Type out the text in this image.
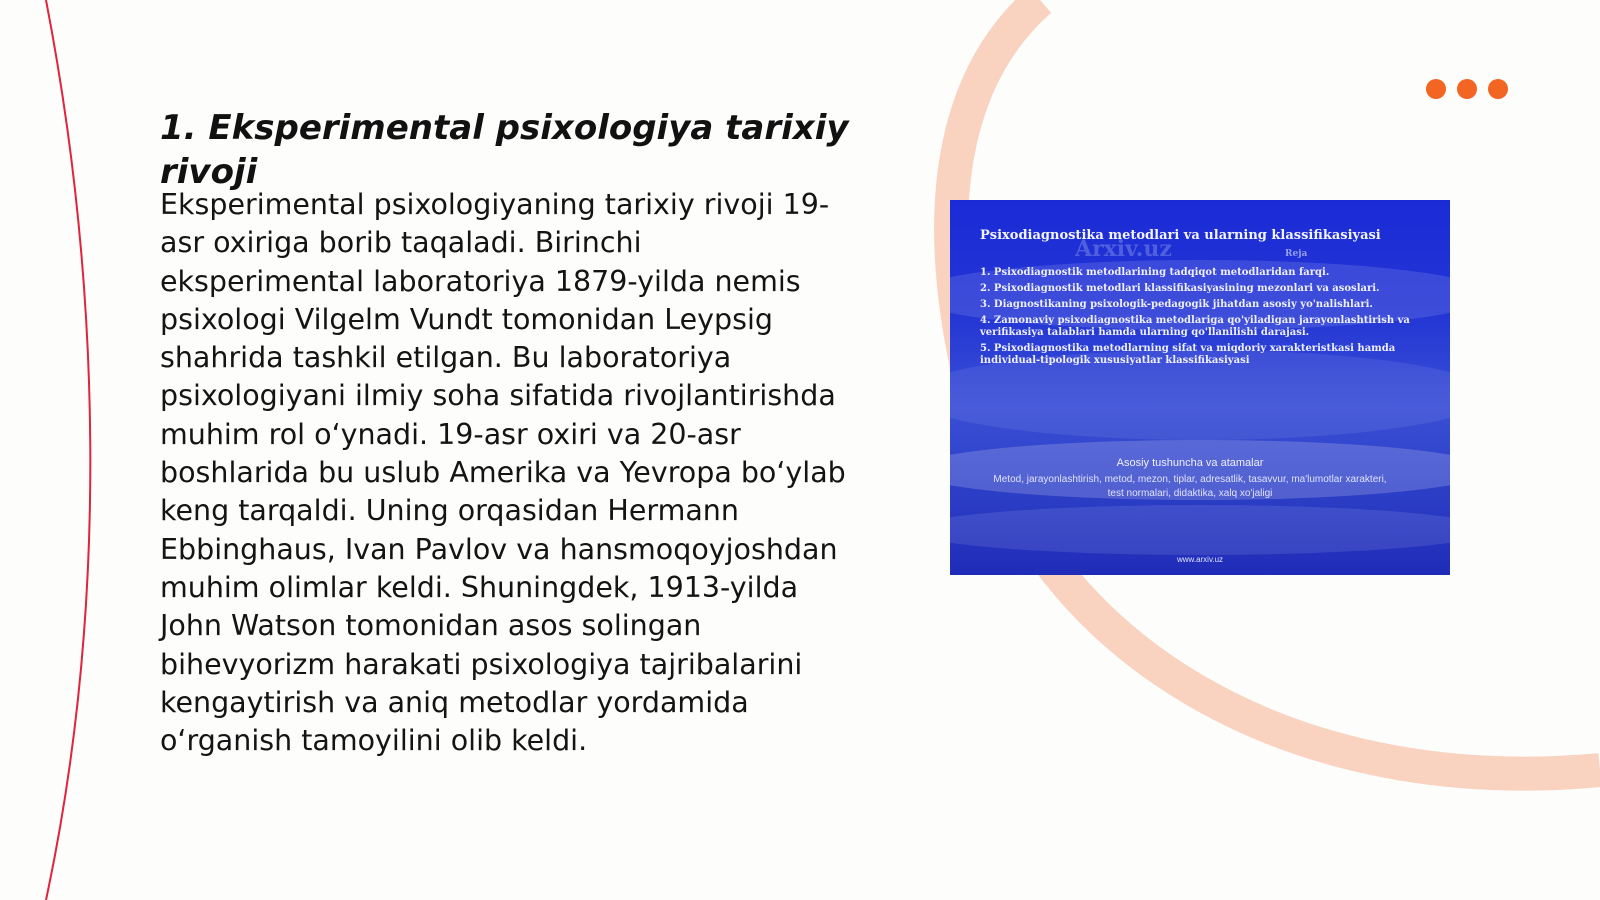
1. Eksperimental psixologiya tarixiy rivoji

Eksperimental psixologiyaning tarixiy rivoji 19-asr oxiriga borib taqaladi. Birinchi eksperimental laboratoriya 1879-yilda nemis psixologi Vilgelm Vundt tomonidan Leypsig shahrida tashkil etilgan. Bu laboratoriya psixologiyani ilmiy soha sifatida rivojlantirishda muhim rol o‘ynadi. 19-asr oxiri va 20-asr boshlarida bu uslub Amerika va Yevropa bo‘ylab keng tarqaldi. Uning orqasidan Hermann Ebbinghaus, Ivan Pavlov va hansmoqoyjoshdan muhim olimlar keldi. Shuningdek, 1913-yilda John Watson tomonidan asos solingan bihevyorizm harakati psixologiya tajribalarini kengaytirish va aniq metodlar yordamida o‘rganish tamoyilini olib keldi.

Arxiv.uz	Reja
Psixodiagnostika metodlari va ularning klassifikasiyasi
1. Psixodiagnostik metodlarining tadqiqot metodlaridan farqi.
2. Psixodiagnostik metodlari klassifikasiyasining mezonlari va asoslari.
3. Diagnostikaning psixologik-pedagogik jihatdan asosiy yo'nalishlari.
4. Zamonaviy psixodiagnostika metodlariga qo'yiladigan jarayonlashtirish va verifikasiya talablari hamda ularning qo'llanilishi darajasi.
5. Psixodiagnostika metodlarning sifat va miqdoriy xarakteristkasi hamda individual-tipologik xususiyatlar klassifikasiyasi
Asosiy tushuncha va atamalar
Metod, jarayonlashtirish, metod, mezon, tiplar, adresatlik, tasavvur, ma'lumotlar xarakteri, test normalari, didaktika, xalq xo'jaligi
www.arxiv.uz
